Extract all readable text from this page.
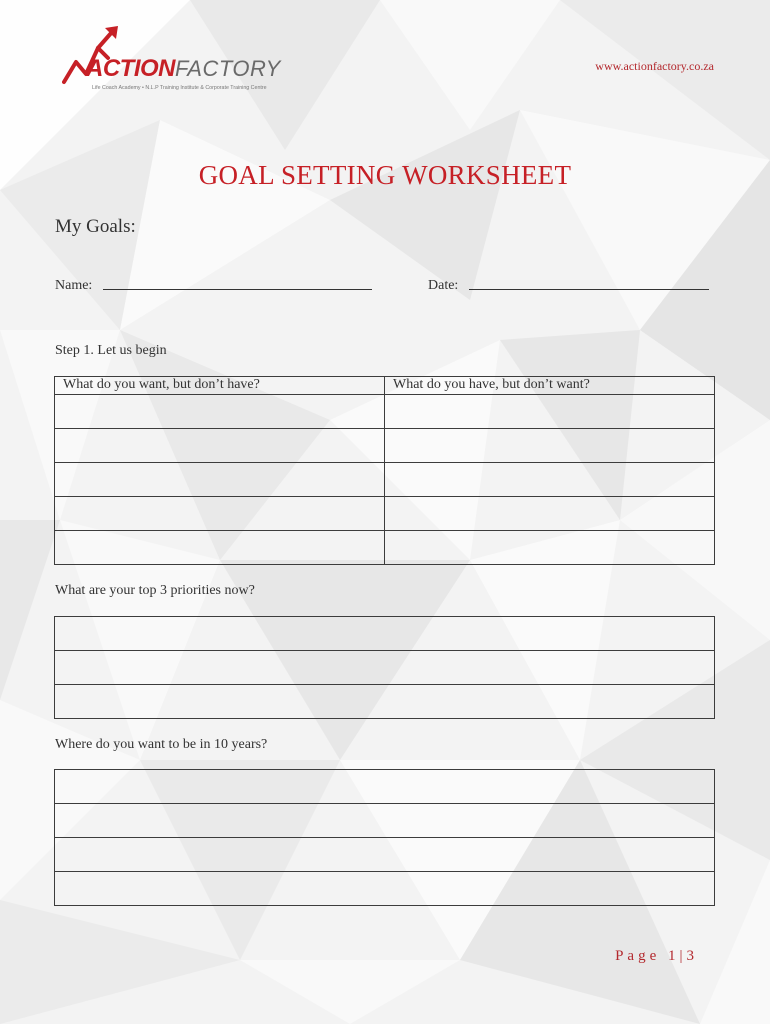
ACTIONFACTORY
Life Coach Academy • N.L.P Training Institute & Corporate Training Centre
www.actionfactory.co.za
GOAL SETTING WORKSHEET
My Goals:
Name:	Date:
Step 1. Let us begin
What do you want, but don’t have?	What do you have, but don’t want?

What are your top 3 priorities now?

Where do you want to be in 10 years?

Page 1|3
